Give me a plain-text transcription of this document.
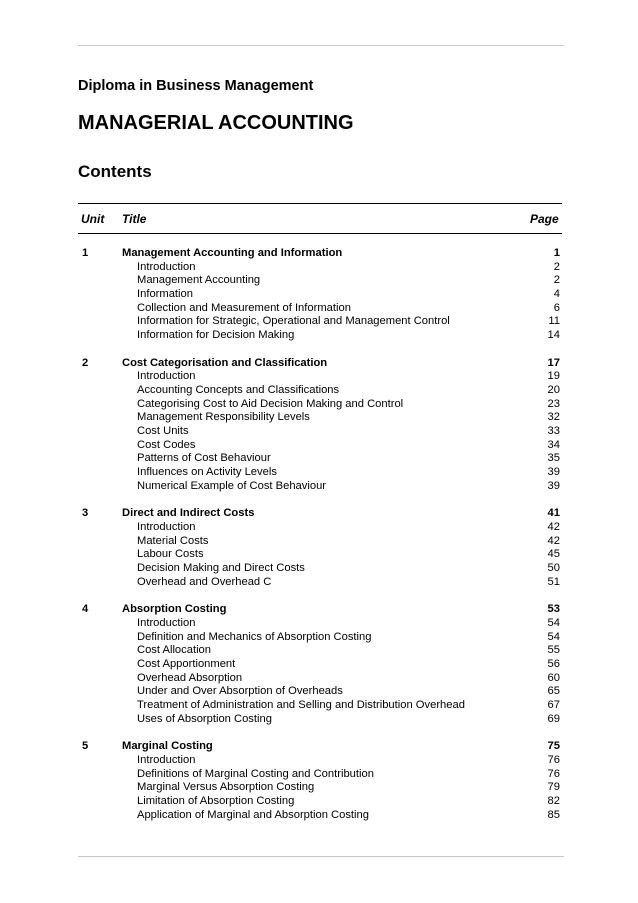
Diploma in Business Management
MANAGERIAL ACCOUNTING
Contents
Unit Title	Page
1	Management Accounting and Information	1
Introduction	2
Management Accounting	2
Information	4
Collection and Measurement of Information	6
Information for Strategic, Operational and Management Control	11
Information for Decision Making	14
2	Cost Categorisation and Classification	17
Introduction	19
Accounting Concepts and Classifications	20
Categorising Cost to Aid Decision Making and Control	23
Management Responsibility Levels	32
Cost Units	33
Cost Codes	34
Patterns of Cost Behaviour	35
Influences on Activity Levels	39
Numerical Example of Cost Behaviour	39
3	Direct and Indirect Costs	41
Introduction	42
Material Costs	42
Labour Costs	45
Decision Making and Direct Costs	50
Overhead and Overhead C	51
4	Absorption Costing	53
Introduction	54
Definition and Mechanics of Absorption Costing	54
Cost Allocation	55
Cost Apportionment	56
Overhead Absorption	60
Under and Over Absorption of Overheads	65
Treatment of Administration and Selling and Distribution Overhead	67
Uses of Absorption Costing	69
5	Marginal Costing	75
Introduction	76
Definitions of Marginal Costing and Contribution	76
Marginal Versus Absorption Costing	79
Limitation of Absorption Costing	82
Application of Marginal and Absorption Costing	85
